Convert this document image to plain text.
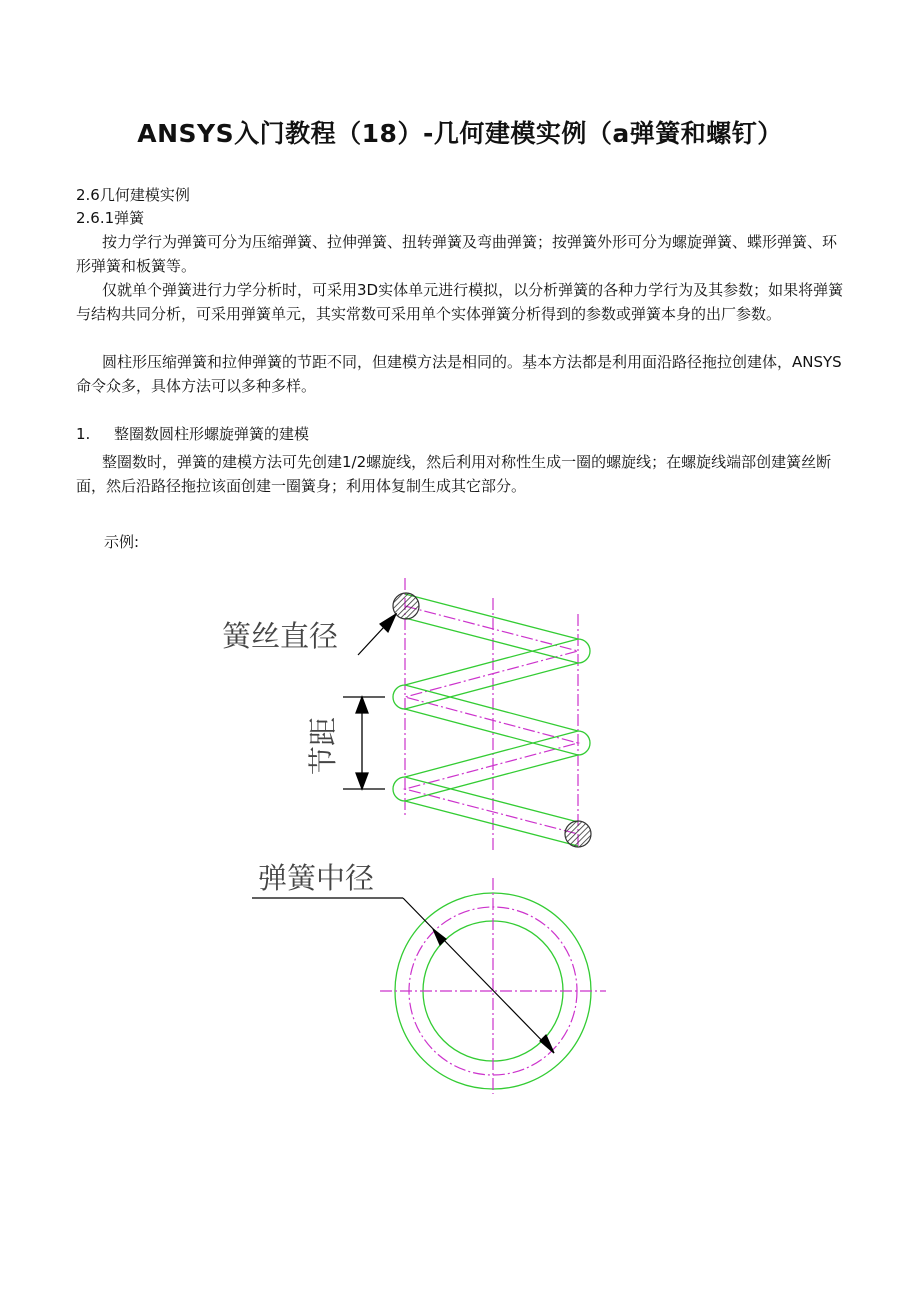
ANSYS入门教程（18）-几何建模实例（a弹簧和螺钉）
2.6几何建模实例
2.6.1弹簧
按力学行为弹簧可分为压缩弹簧、拉伸弹簧、扭转弹簧及弯曲弹簧；按弹簧外形可分为螺旋弹簧、蝶形弹簧、环形弹簧和板簧等。
仅就单个弹簧进行力学分析时，可采用3D实体单元进行模拟，以分析弹簧的各种力学行为及其参数；如果将弹簧与结构共同分析，可采用弹簧单元，其实常数可采用单个实体弹簧分析得到的参数或弹簧本身的出厂参数。
圆柱形压缩弹簧和拉伸弹簧的节距不同，但建模方法是相同的。基本方法都是利用面沿路径拖拉创建体，ANSYS命令众多，具体方法可以多种多样。
1. 整圈数圆柱形螺旋弹簧的建模
整圈数时，弹簧的建模方法可先创建1/2螺旋线，然后利用对称性生成一圈的螺旋线；在螺旋线端部创建簧丝断面，然后沿路径拖拉该面创建一圈簧身；利用体复制生成其它部分。
示例:
簧丝直径
节距
弹簧中径
